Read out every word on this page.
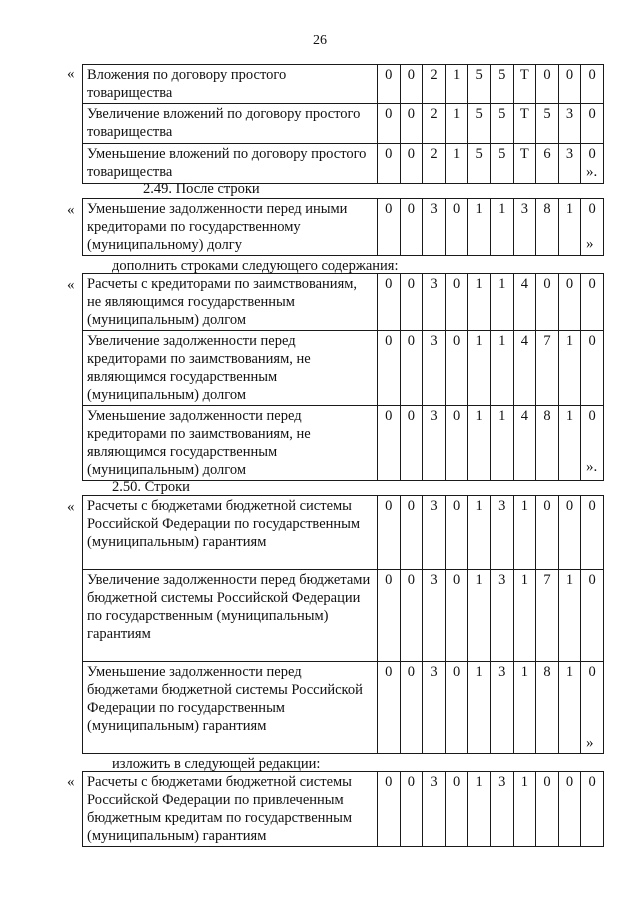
26
« Вложения по договору простого товарищества	0	0	2	1	5	5	Т	0	0	0
Увеличение вложений по договору простого товарищества	0	0	2	1	5	5	Т	5	3	0
Уменьшение вложений по договору простого товарищества	0	0	2	1	5	5	Т	6	3	0
».
2.49. После строки
« Уменьшение задолженности перед иными кредиторами по государственному (муниципальному) долгу	0	0	3	0	1	1	3	8	1	0
»
дополнить строками следующего содержания:
« Расчеты с кредиторами по заимствованиям, не являющимся государственным (муниципальным) долгом	0	0	3	0	1	1	4	0	0	0
Увеличение задолженности перед кредиторами по заимствованиям, не являющимся государственным (муниципальным) долгом	0	0	3	0	1	1	4	7	1	0
Уменьшение задолженности перед кредиторами по заимствованиям, не являющимся государственным (муниципальным) долгом	0	0	3	0	1	1	4	8	1	0
».
2.50. Строки
« Расчеты с бюджетами бюджетной системы Российской Федерации по государственным (муниципальным) гарантиям	0	0	3	0	1	3	1	0	0	0
Увеличение задолженности перед бюджетами бюджетной системы Российской Федерации по государственным (муниципальным) гарантиям	0	0	3	0	1	3	1	7	1	0
Уменьшение задолженности перед бюджетами бюджетной системы Российской Федерации по государственным (муниципальным) гарантиям	0	0	3	0	1	3	1	8	1	0
»
изложить в следующей редакции:
« Расчеты с бюджетами бюджетной системы Российской Федерации по привлеченным бюджетным кредитам по государственным (муниципальным) гарантиям	0	0	3	0	1	3	1	0	0	0
